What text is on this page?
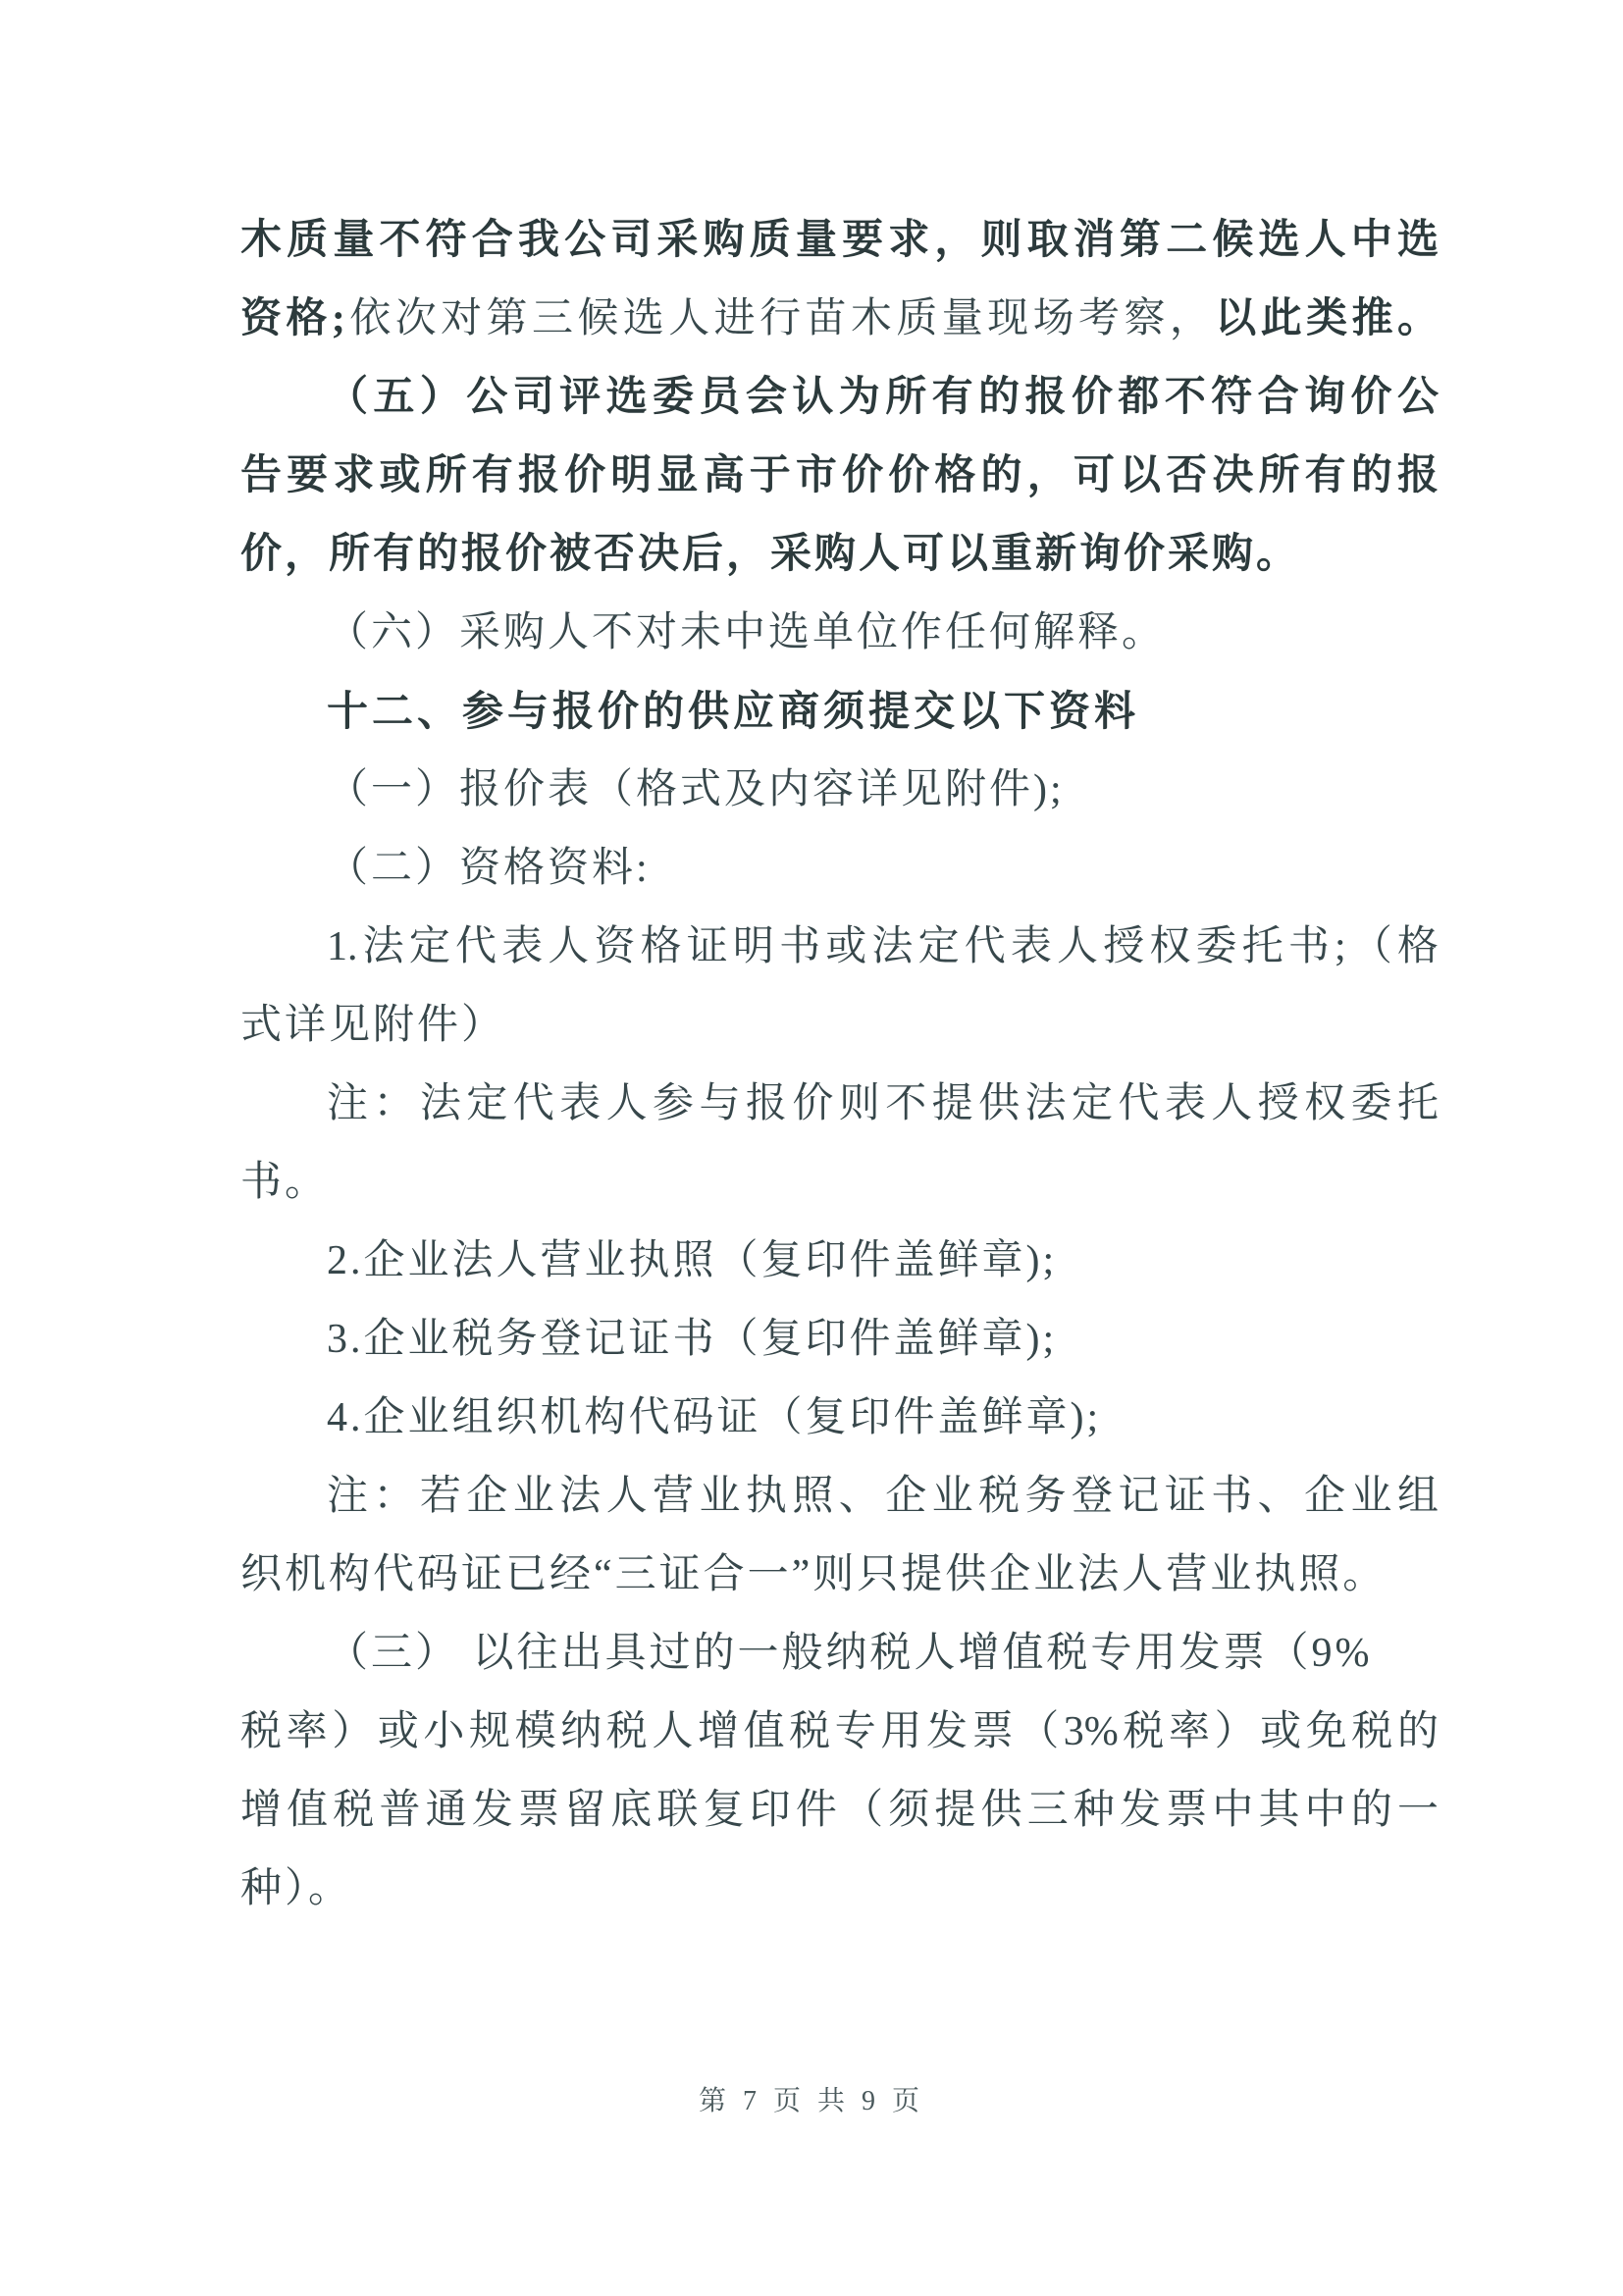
木质量不符合我公司采购质量要求，则取消第二候选人中选
资格;依次对第三候选人进行苗木质量现场考察，以此类推。
（五）公司评选委员会认为所有的报价都不符合询价公
告要求或所有报价明显高于市价价格的，可以否决所有的报
价，所有的报价被否决后，采购人可以重新询价采购。
（六）采购人不对未中选单位作任何解释。
十二、参与报价的供应商须提交以下资料
（一）报价表（格式及内容详见附件);
（二）资格资料:
1.法定代表人资格证明书或法定代表人授权委托书;（格
式详见附件）
注：法定代表人参与报价则不提供法定代表人授权委托
书。
2.企业法人营业执照（复印件盖鲜章);
3.企业税务登记证书（复印件盖鲜章);
4.企业组织机构代码证（复印件盖鲜章);
注：若企业法人营业执照、企业税务登记证书、企业组
织机构代码证已经“三证合一”则只提供企业法人营业执照。
（三） 以往出具过的一般纳税人增值税专用发票（9%
税率）或小规模纳税人增值税专用发票（3%税率）或免税的
增值税普通发票留底联复印件（须提供三种发票中其中的一
种）。
第 7 页 共 9 页
